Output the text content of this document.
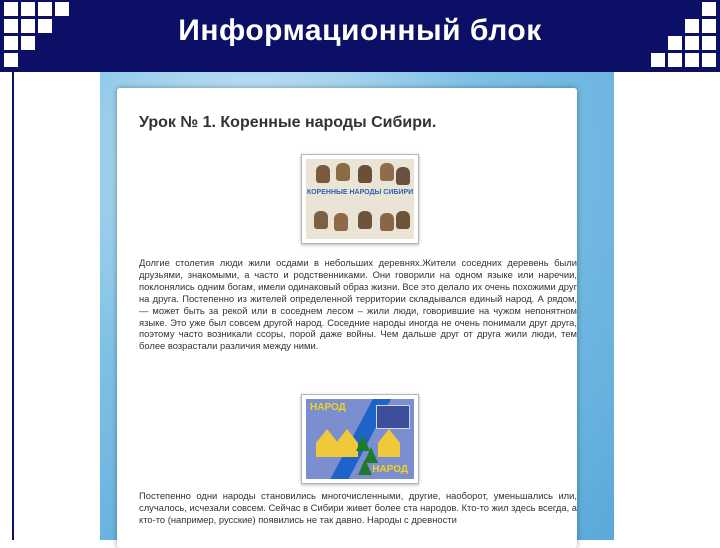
Информационный блок
Урок № 1. Коренные народы Сибири.
КОРЕННЫЕ НАРОДЫ СИБИРИ

Долгие столетия люди жили осдами в небольших деревнях.Жители соседних деревень были друзьями, знакомыми, а часто и родственниками. Они говорили на одном языке или наречии, поклонялись одним богам, имели одинаковый образ жизни. Все это делало их очень похожими друг на друга. Постепенно из жителей определенной территории складывался единый народ. А рядом, — может быть за рекой или в соседнем лесом – жили люди, говорившие на чужом непонятном языке. Это уже был совсем другой народ. Соседние народы иногда не очень понимали друг друга, поэтому часто возникали ссоры, порой даже войны. Чем дальше друг от друга жили люди, тем более возрастали различия между ними.

НАРОД
НАРОД

Постепенно одни народы становились многочисленными, другие, наоборот, уменьшались или, случалось, исчезали совсем. Сейчас в Сибири живет более ста народов. Кто-то жил здесь всегда, а кто-то (например, русские) появились не так давно. Народы с древности
